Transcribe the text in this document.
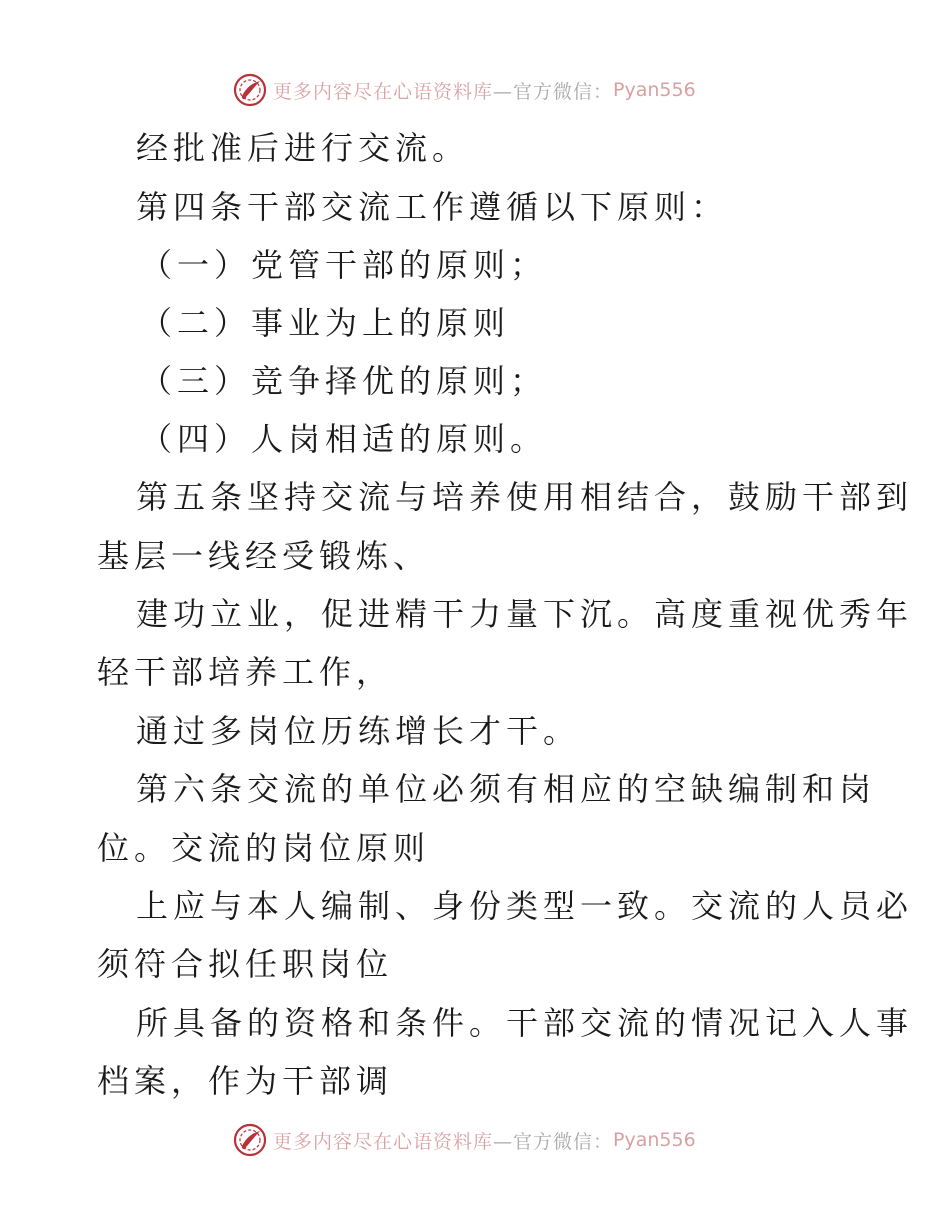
更多内容尽在心语资料库 —官方微信： Pyan556
经批准后进行交流。
第四条干部交流工作遵循以下原则：
（一）党管干部的原则；
（二）事业为上的原则
（三）竞争择优的原则；
（四）人岗相适的原则。
第五条坚持交流与培养使用相结合，鼓励干部到
基层一线经受锻炼、
建功立业，促进精干力量下沉。高度重视优秀年
轻干部培养工作，
通过多岗位历练增长才干。
第六条交流的单位必须有相应的空缺编制和岗
位。交流的岗位原则
上应与本人编制、身份类型一致。交流的人员必
须符合拟任职岗位
所具备的资格和条件。干部交流的情况记入人事
档案，作为干部调
更多内容尽在心语资料库 —官方微信： Pyan556
